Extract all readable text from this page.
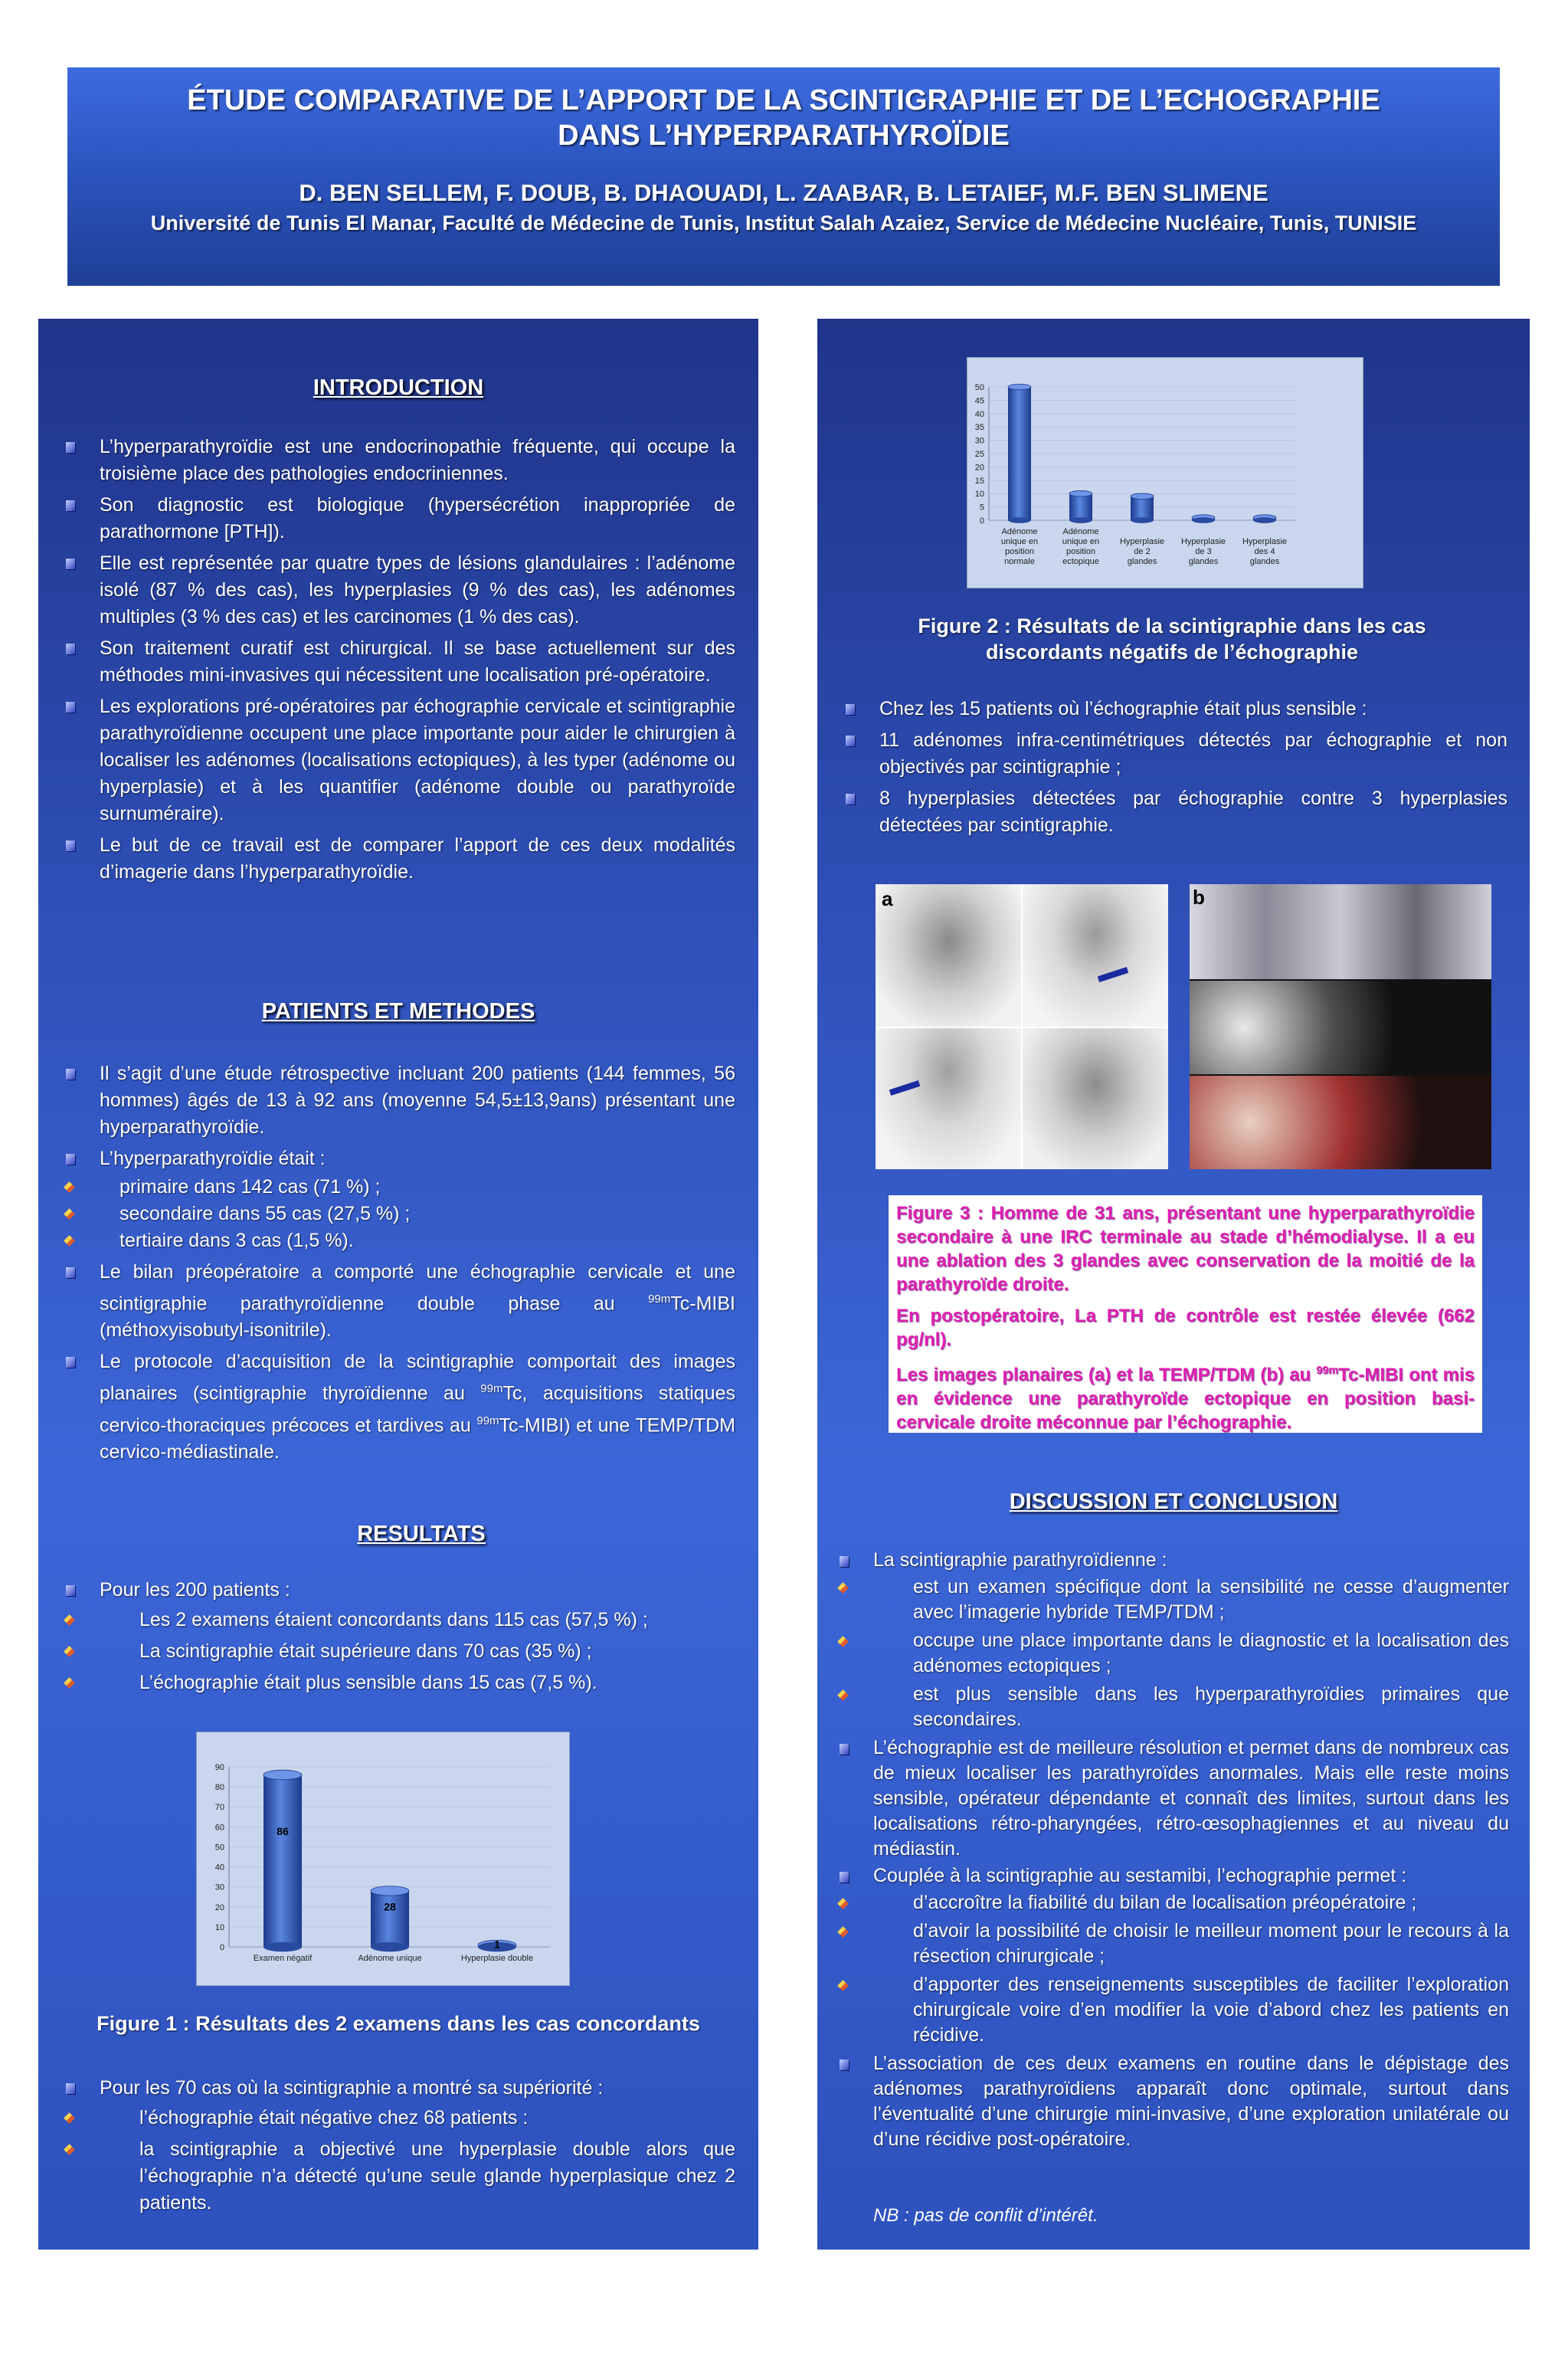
ÉTUDE COMPARATIVE DE L’APPORT DE LA SCINTIGRAPHIE ET DE L’ECHOGRAPHIE
DANS L’HYPERPARATHYROÏDIE
D. BEN SELLEM, F. DOUB, B. DHAOUADI, L. ZAABAR, B. LETAIEF, M.F. BEN SLIMENE
Université de Tunis El Manar, Faculté de Médecine de Tunis, Institut Salah Azaiez, Service de Médecine Nucléaire, Tunis, TUNISIE
INTRODUCTION
L’hyperparathyroïdie est une endocrinopathie fréquente, qui occupe la troisième place des pathologies endocriniennes.
Son diagnostic est biologique (hypersécrétion inappropriée de parathormone [PTH]).
Elle est représentée par quatre types de lésions glandulaires : l’adénome isolé (87 % des cas), les hyperplasies (9 % des cas), les adénomes multiples (3 % des cas) et les carcinomes (1 % des cas).
Son traitement curatif est chirurgical. Il se base actuellement sur des méthodes mini-invasives qui nécessitent une localisation pré-opératoire.
Les explorations pré-opératoires par échographie cervicale et scintigraphie parathyroïdienne occupent une place importante pour aider le chirurgien à localiser les adénomes (localisations ectopiques), à les typer (adénome ou hyperplasie) et à les quantifier (adénome double ou parathyroïde surnuméraire).
Le but de ce travail est de comparer l’apport de ces deux modalités d’imagerie dans l’hyperparathyroïdie.
PATIENTS ET METHODES
Il s’agit d’une étude rétrospective incluant 200 patients (144 femmes, 56 hommes) âgés de 13 à 92 ans (moyenne 54,5±13,9ans) présentant une hyperparathyroïdie.
L’hyperparathyroïdie était :
primaire dans 142 cas (71 %) ;
secondaire dans 55 cas (27,5 %) ;
tertiaire dans 3 cas (1,5 %).
Le bilan préopératoire a comporté une échographie cervicale et une scintigraphie parathyroïdienne double phase au $^{99m}$Tc-MIBI (méthoxyisobutyl-isonitrile).
Le protocole d’acquisition de la scintigraphie comportait des images planaires (scintigraphie thyroïdienne au $^{99m}$Tc, acquisitions statiques cervico-thoraciques précoces et tardives au $^{99m}$Tc-MIBI) et une TEMP/TDM cervico-médiastinale.
RESULTATS
Pour les 200 patients :
Les 2 examens étaient concordants dans 115 cas (57,5 %) ;
La scintigraphie était supérieure dans 70 cas (35 %) ;
L’échographie était plus sensible dans 15 cas (7,5 %).
0
10
20
30
40
50
60
70
80
90
86
Examen négatif
28
Adénome unique
1
Hyperplasie double
Figure 1 : Résultats des 2 examens dans les cas concordants
Pour les 70 cas où la scintigraphie a montré sa supériorité :
l’échographie était négative chez 68 patients :
la scintigraphie a objectivé une hyperplasie double alors que l’échographie n’a détecté qu’une seule glande hyperplasique chez 2 patients.
0
5
10
15
20
25
30
35
40
45
50
Adénome
unique en
position
normale
Adénome
unique en
position
ectopique
Hyperplasie
de 2
glandes
Hyperplasie
de 3
glandes
Hyperplasie
des 4
glandes
Figure 2 : Résultats de la scintigraphie dans les cas discordants négatifs de l’échographie
Chez les 15 patients où l’échographie était plus sensible :
11 adénomes infra-centimétriques détectés par échographie et non objectivés par scintigraphie ;
8 hyperplasies détectées par échographie contre 3 hyperplasies détectées par scintigraphie.
a	b

Figure 3 : Homme de 31 ans, présentant une hyperparathyroïdie secondaire à une IRC terminale au stade d’hémodialyse. Il a eu une ablation des 3 glandes avec conservation de la moitié de la parathyroïde droite.

En postopératoire, La PTH de contrôle est restée élevée (662 pg/nl).

Les images planaires (a) et la TEMP/TDM (b) au $^{99m}$Tc-MIBI ont mis en évidence une parathyroïde ectopique en position basi-cervicale droite méconnue par l’échographie.

DISCUSSION ET CONCLUSION
La scintigraphie parathyroïdienne :
est un examen spécifique dont la sensibilité ne cesse d’augmenter avec l’imagerie hybride TEMP/TDM ;
occupe une place importante dans le diagnostic et la localisation des adénomes ectopiques ;
est plus sensible dans les hyperparathyroïdies primaires que secondaires.
L’échographie est de meilleure résolution et permet dans de nombreux cas de mieux localiser les parathyroïdes anormales. Mais elle reste moins sensible, opérateur dépendante et connaît des limites, surtout dans les localisations rétro-pharyngées, rétro-œsophagiennes et au niveau du médiastin.
Couplée à la scintigraphie au sestamibi, l’echographie permet :
d’accroître la fiabilité du bilan de localisation préopératoire ;
d’avoir la possibilité de choisir le meilleur moment pour le recours à la résection chirurgicale ;
d’apporter des renseignements susceptibles de faciliter l’exploration chirurgicale voire d’en modifier la voie d’abord chez les patients en récidive.
L’association de ces deux examens en routine dans le dépistage des adénomes parathyroïdiens apparaît donc optimale, surtout dans l’éventualité d’une chirurgie mini-invasive, d’une exploration unilatérale ou d’une récidive post-opératoire.
NB : pas de conflit d’intérêt.
